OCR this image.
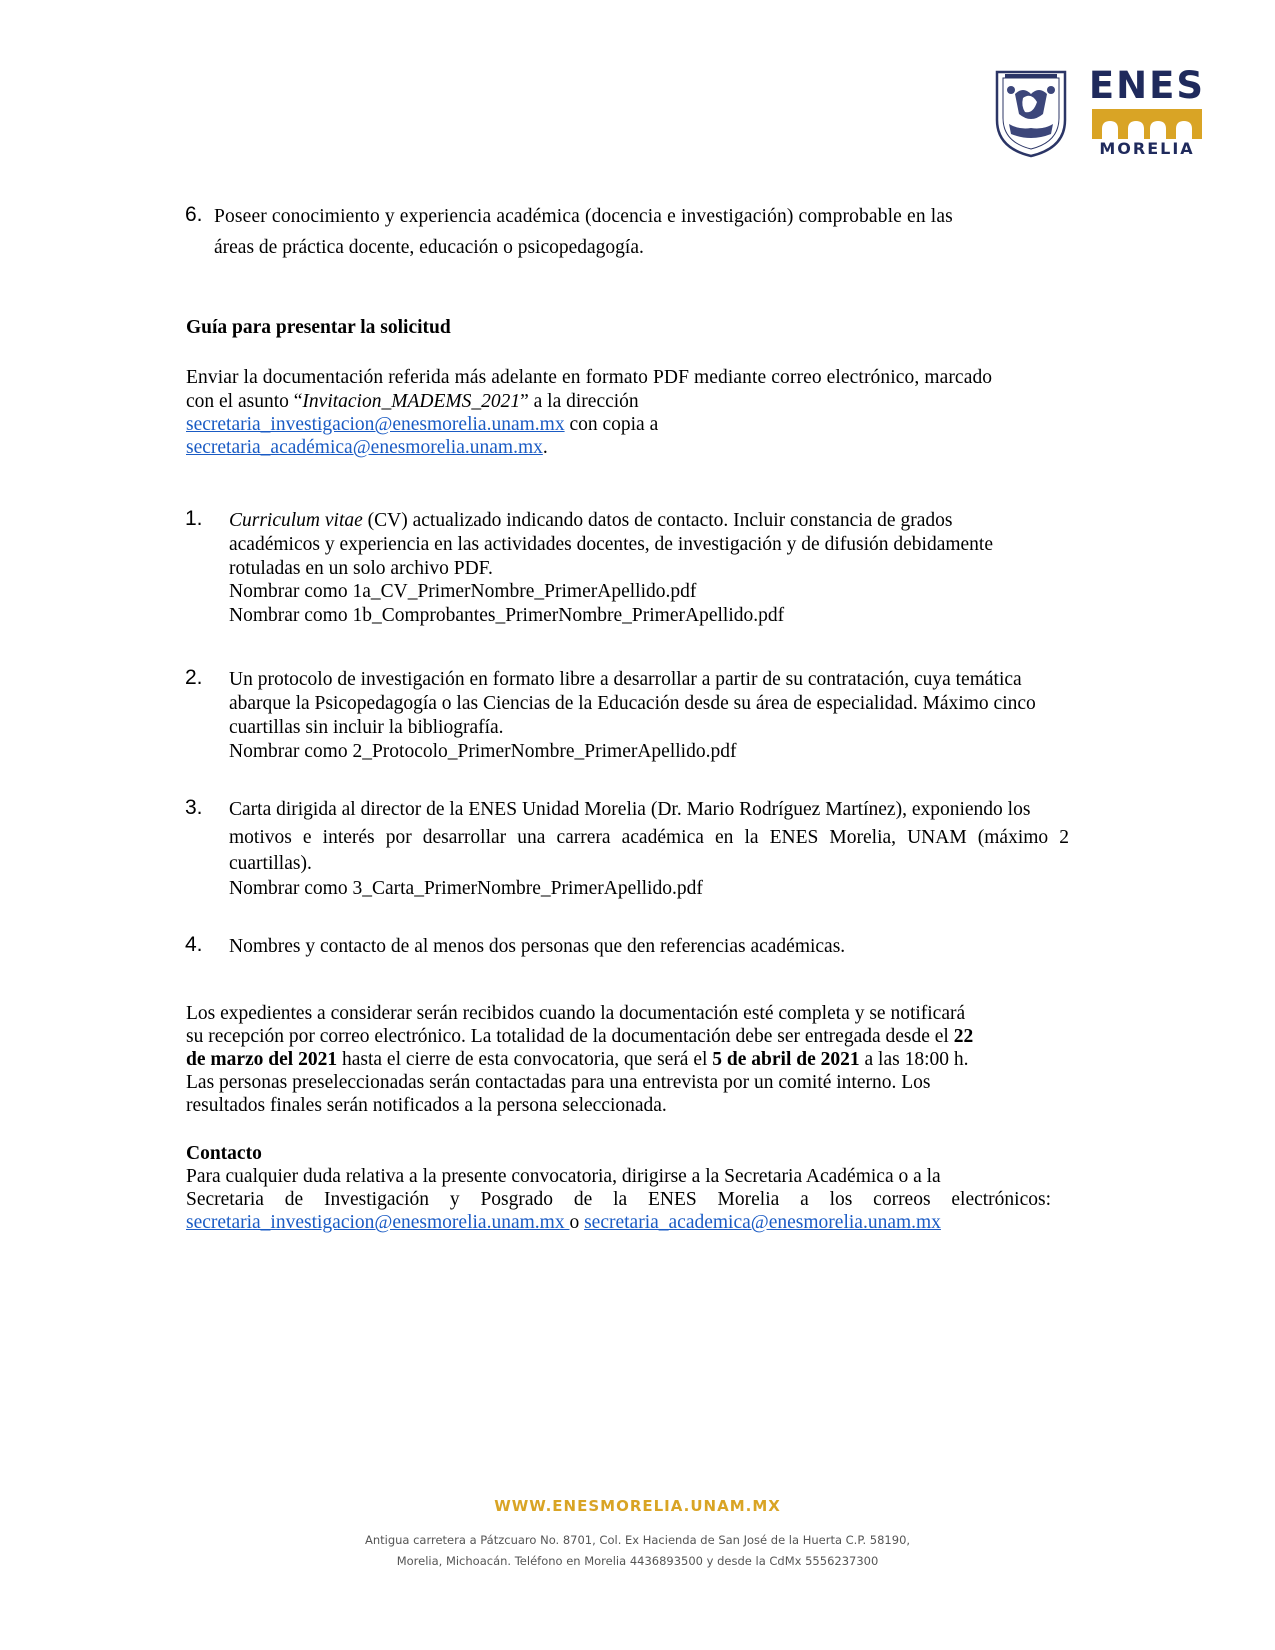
ENES
MORELIA
6. Poseer conocimiento y experiencia académica (docencia e investigación) comprobable en las
áreas de práctica docente, educación o psicopedagogía.
Guía para presentar la solicitud
Enviar la documentación referida más adelante en formato PDF mediante correo electrónico, marcado
con el asunto “Invitacion_MADEMS_2021” a la dirección
secretaria_investigacion@enesmorelia.unam.mx con copia a
secretaria_académica@enesmorelia.unam.mx.
1. Curriculum vitae (CV) actualizado indicando datos de contacto. Incluir constancia de grados
académicos y experiencia en las actividades docentes, de investigación y de difusión debidamente
rotuladas en un solo archivo PDF.
Nombrar como 1a_CV_PrimerNombre_PrimerApellido.pdf
Nombrar como 1b_Comprobantes_PrimerNombre_PrimerApellido.pdf
2. Un protocolo de investigación en formato libre a desarrollar a partir de su contratación, cuya temática
abarque la Psicopedagogía o las Ciencias de la Educación desde su área de especialidad. Máximo cinco
cuartillas sin incluir la bibliografía.
Nombrar como 2_Protocolo_PrimerNombre_PrimerApellido.pdf
3. Carta dirigida al director de la ENES Unidad Morelia (Dr. Mario Rodríguez Martínez), exponiendo los
motivos e interés por desarrollar una carrera académica en la ENES Morelia, UNAM (máximo 2
cuartillas).
Nombrar como 3_Carta_PrimerNombre_PrimerApellido.pdf
4. Nombres y contacto de al menos dos personas que den referencias académicas.
Los expedientes a considerar serán recibidos cuando la documentación esté completa y se notificará
su recepción por correo electrónico. La totalidad de la documentación debe ser entregada desde el 22
de marzo del 2021 hasta el cierre de esta convocatoria, que será el 5 de abril de 2021 a las 18:00 h.
Las personas preseleccionadas serán contactadas para una entrevista por un comité interno. Los
resultados finales serán notificados a la persona seleccionada.
Contacto
Para cualquier duda relativa a la presente convocatoria, dirigirse a la Secretaria Académica o a la
Secretaria de Investigación y Posgrado de la ENES Morelia a los correos electrónicos:
secretaria_investigacion@enesmorelia.unam.mx o secretaria_academica@enesmorelia.unam.mx
WWW.ENESMORELIA.UNAM.MX
Antigua carretera a Pátzcuaro No. 8701, Col. Ex Hacienda de San José de la Huerta C.P. 58190,
Morelia, Michoacán. Teléfono en Morelia 4436893500 y desde la CdMx 5556237300
